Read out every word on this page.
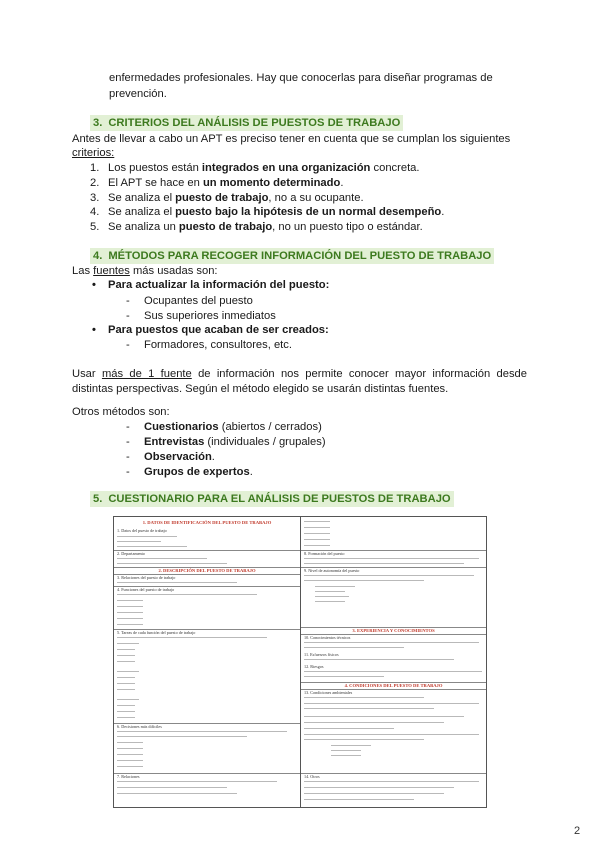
enfermedades profesionales. Hay que conocerlas para diseñar programas de
prevención.
3. CRITERIOS DEL ANÁLISIS DE PUESTOS DE TRABAJO
Antes de llevar a cabo un APT es preciso tener en cuenta que se cumplan los siguientes
criterios:
1. Los puestos están integrados en una organización concreta.
2. El APT se hace en un momento determinado.
3. Se analiza el puesto de trabajo, no a su ocupante.
4. Se analiza el puesto bajo la hipótesis de un normal desempeño.
5. Se analiza un puesto de trabajo, no un puesto tipo o estándar.
4. MÉTODOS PARA RECOGER INFORMACIÓN DEL PUESTO DE TRABAJO
Las fuentes más usadas son:
• Para actualizar la información del puesto:
- Ocupantes del puesto
- Sus superiores inmediatos
• Para puestos que acaban de ser creados:
- Formadores, consultores, etc.
Usar más de 1 fuente de información nos permite conocer mayor información desde
distintas perspectivas. Según el método elegido se usarán distintas fuentes.
Otros métodos son:
- Cuestionarios (abiertos / cerrados)
- Entrevistas (individuales / grupales)
- Observación.
- Grupos de expertos.
5. CUESTIONARIO PARA EL ANÁLISIS DE PUESTOS DE TRABAJO
1. DATOS DE IDENTIFICACIÓN DEL PUESTO DE TRABAJO
1. Datos del puesto de trabajo
2. Departamento
2. DESCRIPCIÓN DEL PUESTO DE TRABAJO
3. Relaciones del puesto de trabajo
4. Funciones del puesto de trabajo
5. Tareas de cada función del puesto de trabajo
6. Decisiones más difíciles
7. Relaciones
8. Formación del puesto
9. Nivel de autonomía del puesto
3. EXPERIENCIA Y CONOCIMIENTOS
10. Conocimientos técnicos
11. Esfuerzos físicos
12. Riesgos
4. CONDICIONES DEL PUESTO DE TRABAJO
13. Condiciones ambientales
14. Otros
2
